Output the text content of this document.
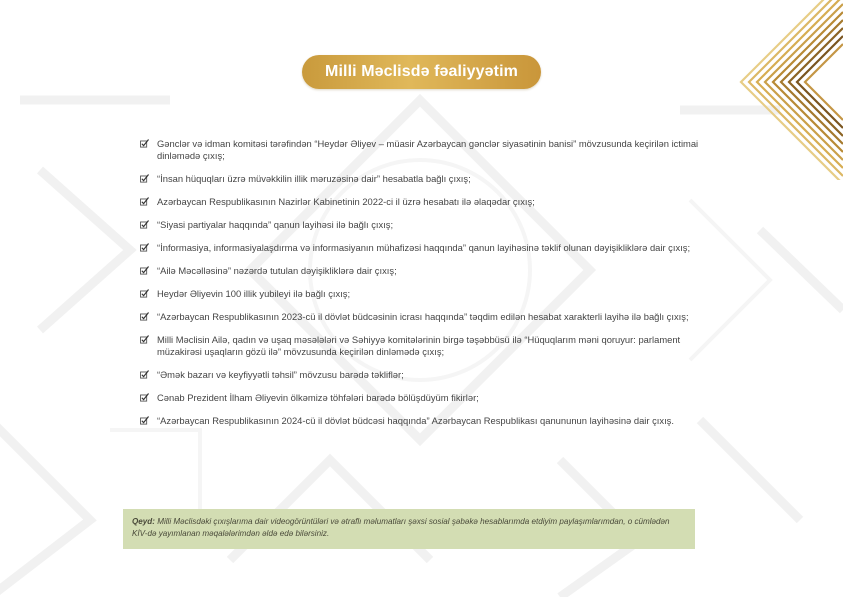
Milli Məclisdə fəaliyyətim
Gənclər və idman komitəsi tərəfindən “Heydər Əliyev – müasir Azərbaycan gənclər siyasətinin banisi” mövzusunda keçirilən ictimai dinləmədə çıxış;
“İnsan hüquqları üzrə müvəkkilin illik məruzəsinə dair” hesabatla bağlı çıxış;
Azərbaycan Respublikasının Nazirlər Kabinetinin 2022-ci il üzrə hesabatı ilə əlaqədar çıxış;
“Siyasi partiyalar haqqında” qanun layihəsi ilə bağlı çıxış;
“İnformasiya, informasiyalaşdırma və informasiyanın mühafizəsi haqqında” qanun layihəsinə təklif olunan dəyişikliklərə dair çıxış;
“Ailə Məcəlləsinə” nəzərdə tutulan dəyişikliklərə dair çıxış;
Heydər Əliyevin 100 illik yubileyi ilə bağlı çıxış;
“Azərbaycan Respublikasının 2023-cü il dövlət büdcəsinin icrası haqqında” təqdim edilən hesabat xarakterli layihə ilə bağlı çıxış;
Milli Məclisin Ailə, qadın və uşaq məsələləri və Səhiyyə komitələrinin birgə təşəbbüsü ilə “Hüquqlarım məni qoruyur: parlament müzakirəsi uşaqların gözü ilə” mövzusunda keçirilən dinləmədə çıxış;
“Əmək bazarı və keyfiyyətli təhsil” mövzusu barədə təkliflər;
Cənab Prezident İlham Əliyevin ölkəmizə töhfələri barədə bölüşdüyüm fikirlər;
“Azərbaycan Respublikasının 2024-cü il dövlət büdcəsi haqqında” Azərbaycan Respublikası qanununun layihəsinə dair çıxış.
Qeyd: Milli Məclisdəki çıxışlarıma dair videogörüntüləri və ətraflı məlumatları şəxsi sosial şəbəkə hesablarımda etdiyim paylaşımlarımdan, o cümlədən KİV-də yayımlanan məqalələrimdən əldə edə bilərsiniz.
